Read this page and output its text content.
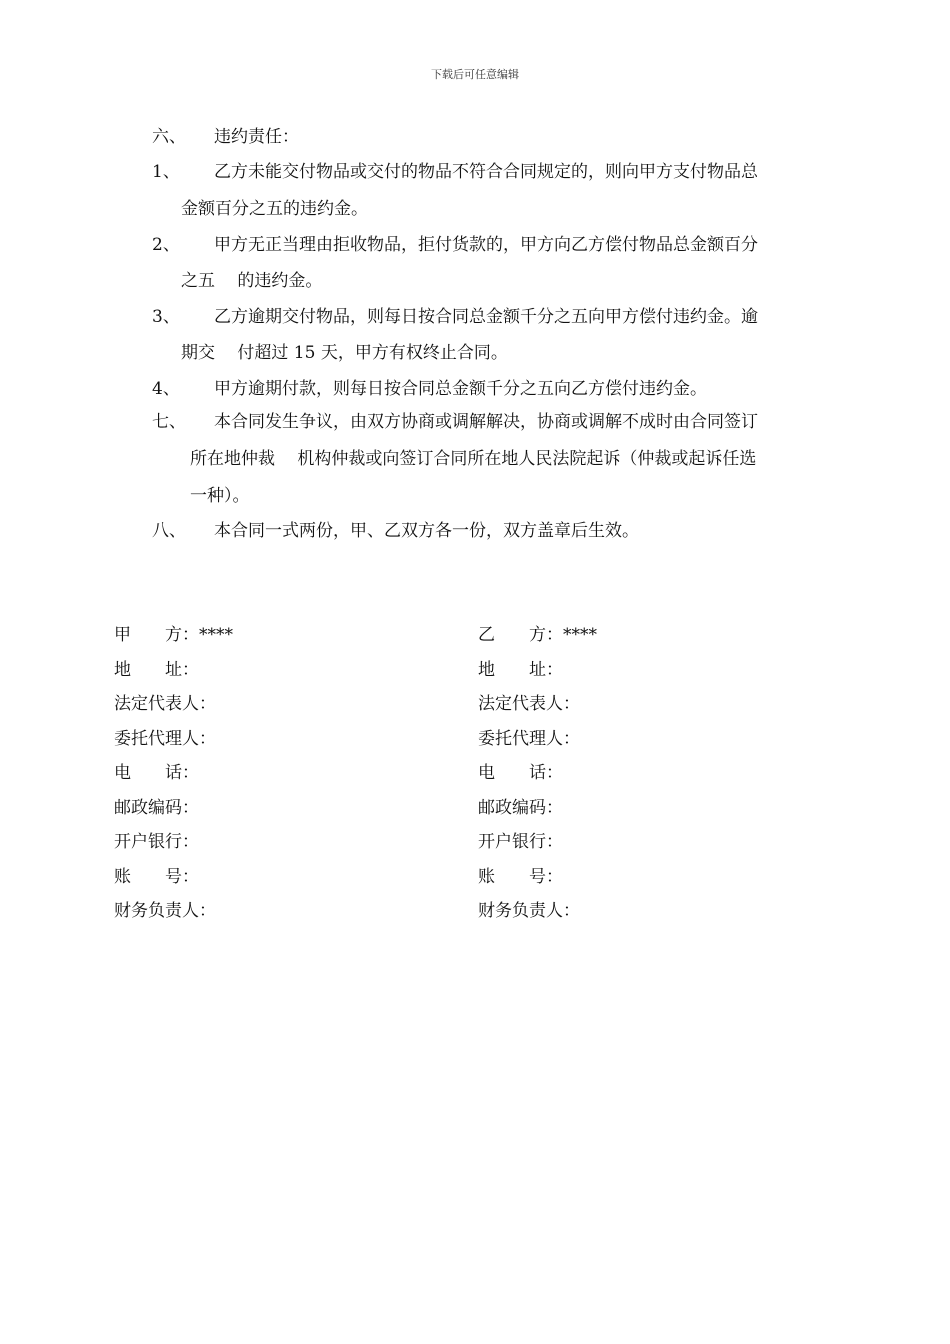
下载后可任意编辑
六、 违约责任：
1、 乙方未能交付物品或交付的物品不符合合同规定的，则向甲方支付物品总
金额百分之五的违约金。
2、 甲方无正当理由拒收物品，拒付货款的，甲方向乙方偿付物品总金额百分
之五　 的违约金。
3、 乙方逾期交付物品，则每日按合同总金额千分之五向甲方偿付违约金。逾
期交　 付超过 15 天，甲方有权终止合同。
4、 甲方逾期付款，则每日按合同总金额千分之五向乙方偿付违约金。
七、 本合同发生争议，由双方协商或调解解决，协商或调解不成时由合同签订
所在地仲裁　 机构仲裁或向签订合同所在地人民法院起诉（仲裁或起诉任选
一种）。
八、 本合同一式两份，甲、乙双方各一份，双方盖章后生效。
甲　　方：****
地　　址：
法定代表人：
委托代理人：
电　　话：
邮政编码：
开户银行：
账　　号：
财务负责人：
乙　　方：****
地　　址：
法定代表人：
委托代理人：
电　　话：
邮政编码：
开户银行：
账　　号：
财务负责人：
